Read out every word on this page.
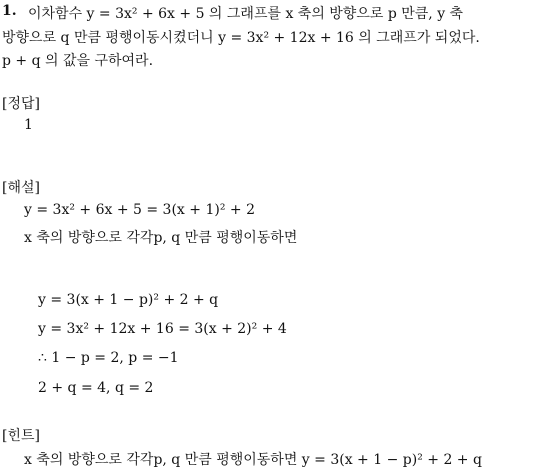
1. 이차함수 y = 3x² + 6x + 5 의 그래프를 x 축의 방향으로 p 만큼, y 축
방향으로 q 만큼 평행이동시켰더니 y = 3x² + 12x + 16 의 그래프가 되었다.
p + q 의 값을 구하여라.
[정답]
1
[해설]
y = 3x² + 6x + 5 = 3(x + 1)² + 2
x 축의 방향으로 각각p, q 만큼 평행이동하면
y = 3(x + 1 − p)² + 2 + q
y = 3x² + 12x + 16 = 3(x + 2)² + 4
∴ 1 − p = 2, p = −1
2 + q = 4, q = 2
[힌트]
x 축의 방향으로 각각p, q 만큼 평행이동하면 y = 3(x + 1 − p)² + 2 + q
